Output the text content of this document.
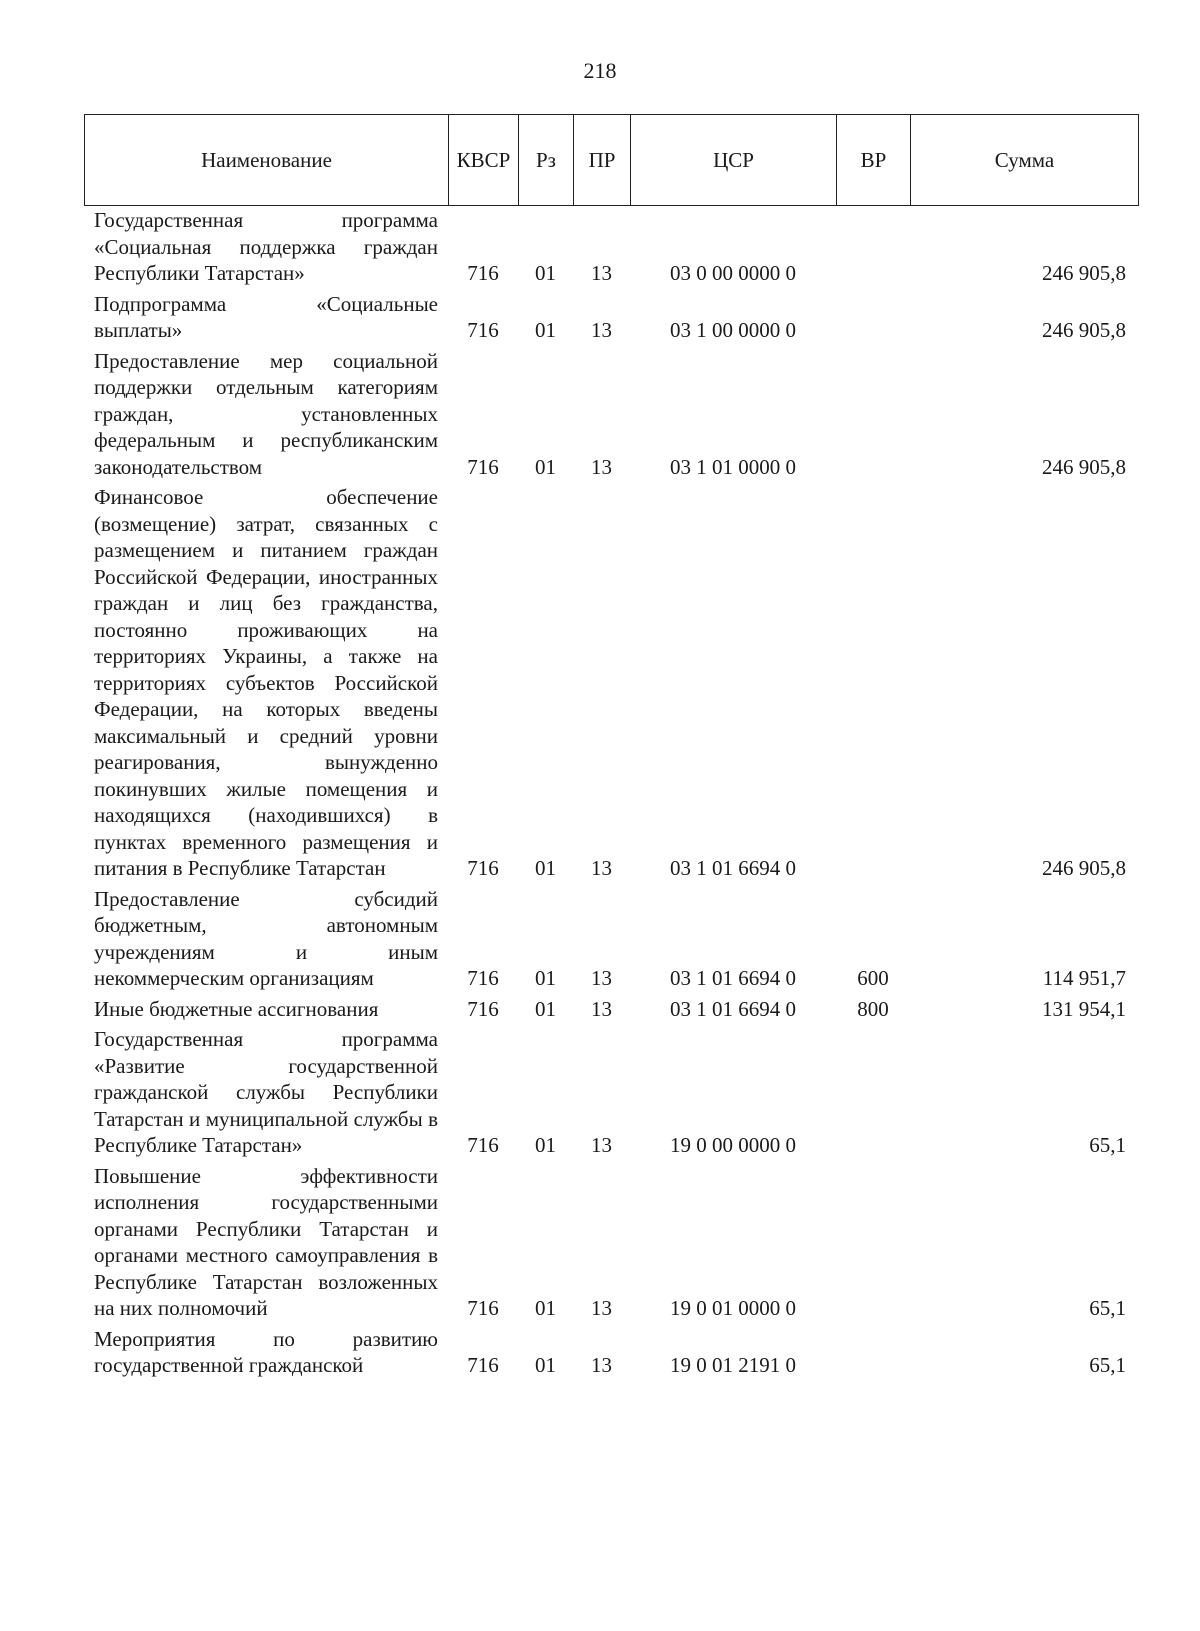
218
Наименование	КВСР	Рз	ПР	ЦСР	ВР	Сумма
Государственная программа «Социальная поддержка граждан Республики Татарстан»	716	01	13	03 0 00 0000 0		246 905,8
Подпрограмма «Социальные выплаты»	716	01	13	03 1 00 0000 0		246 905,8
Предоставление мер социальной поддержки отдельным категориям граждан, установленных федеральным и республиканским законодательством	716	01	13	03 1 01 0000 0		246 905,8
Финансовое обеспечение (возмещение) затрат, связанных с размещением и питанием граждан Российской Федерации, иностранных граждан и лиц без гражданства, постоянно проживающих на территориях Украины, а также на территориях субъектов Российской Федерации, на которых введены максимальный и средний уровни реагирования, вынужденно покинувших жилые помещения и находящихся (находившихся) в пунктах временного размещения и питания в Республике Татарстан	716	01	13	03 1 01 6694 0		246 905,8
Предоставление субсидий бюджетным, автономным учреждениям и иным некоммерческим организациям	716	01	13	03 1 01 6694 0	600	114 951,7
Иные бюджетные ассигнования	716	01	13	03 1 01 6694 0	800	131 954,1
Государственная программа «Развитие государственной гражданской службы Республики Татарстан и муниципальной службы в Республике Татарстан»	716	01	13	19 0 00 0000 0		65,1
Повышение эффективности исполнения государственными органами Республики Татарстан и органами местного самоуправления в Республике Татарстан возложенных на них полномочий	716	01	13	19 0 01 0000 0		65,1
Мероприятия по развитию государственной гражданской	716	01	13	19 0 01 2191 0		65,1
